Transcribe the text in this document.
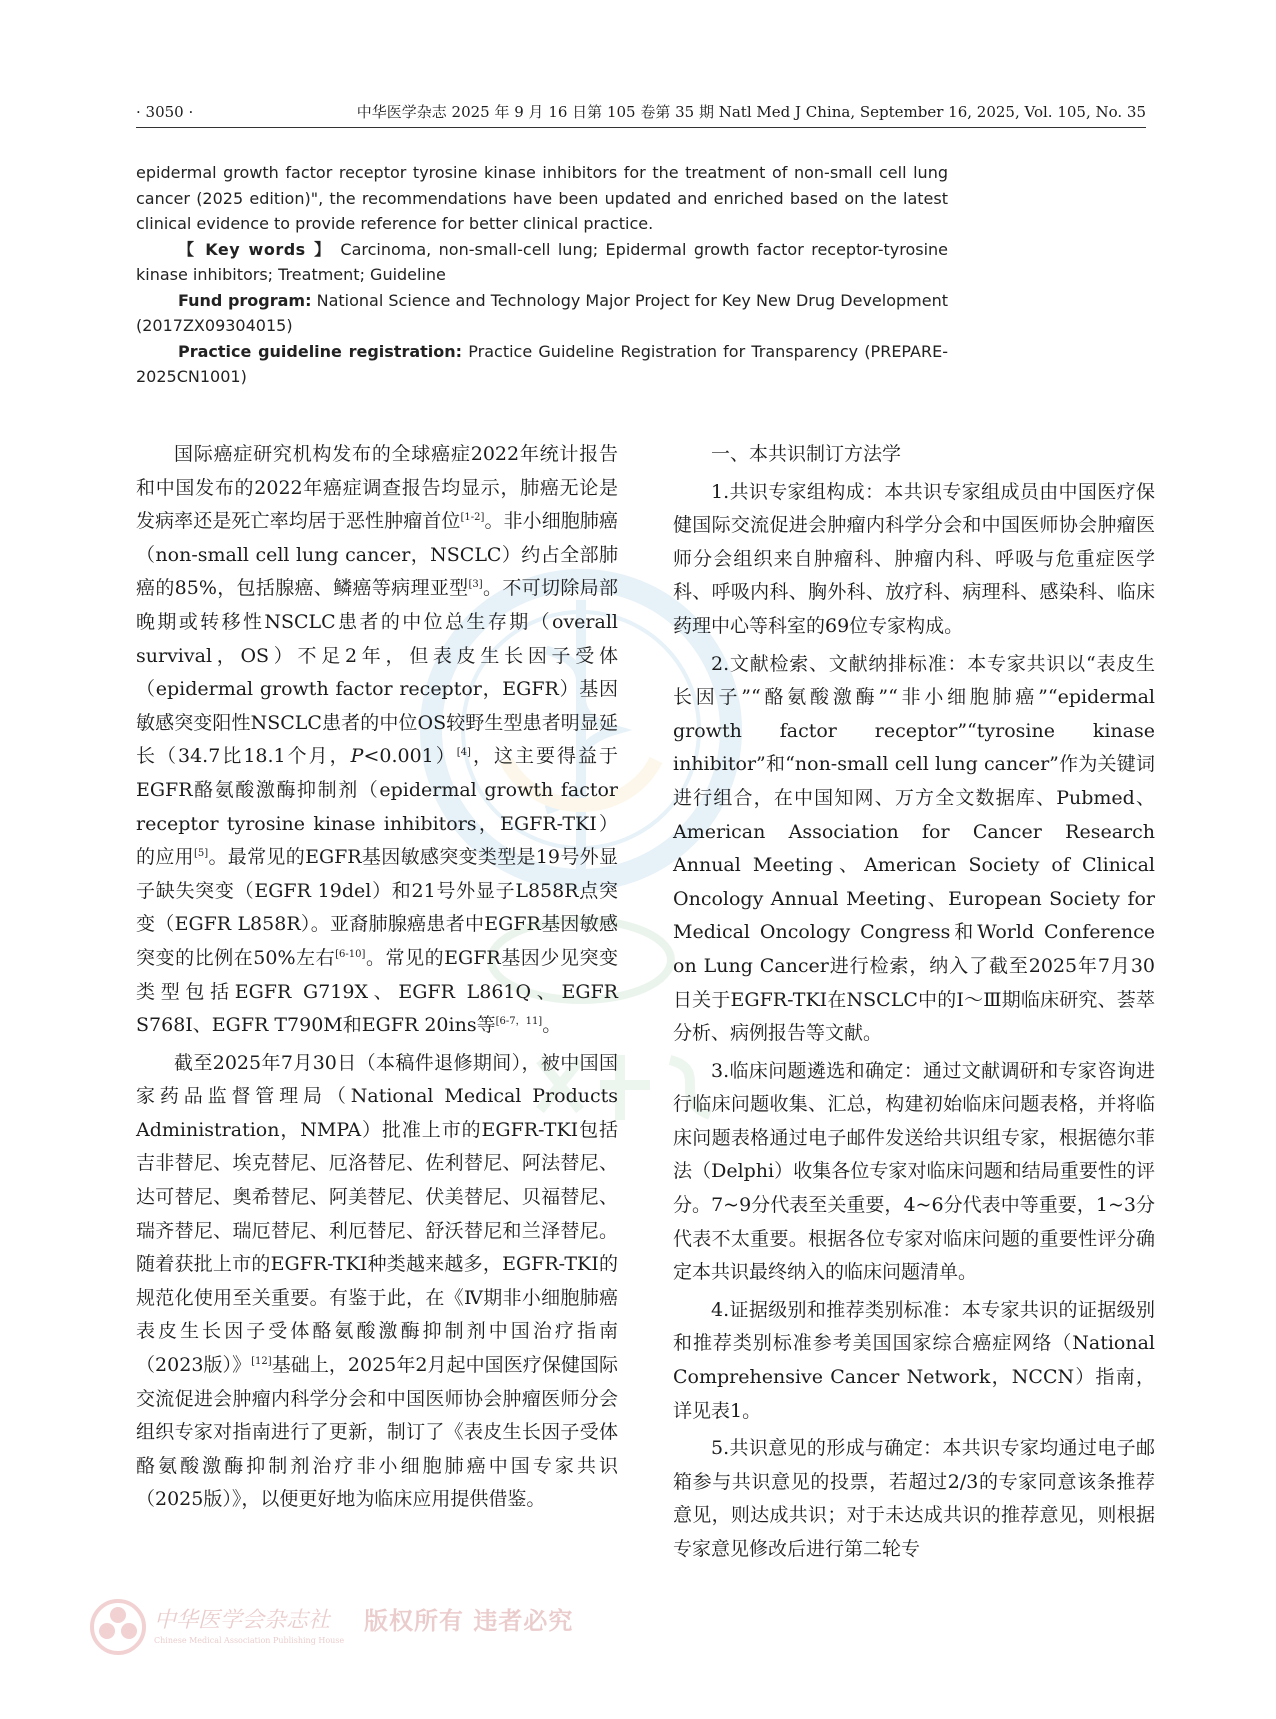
· 3050 ·	中华医学杂志 2025 年 9 月 16 日第 105 卷第 35 期 Natl Med J China, September 16, 2025, Vol. 105, No. 35

epidermal growth factor receptor tyrosine kinase inhibitors for the treatment of non-small cell lung cancer (2025 edition)", the recommendations have been updated and enriched based on the latest clinical evidence to provide reference for better clinical practice.

【 Key words 】 Carcinoma, non-small-cell lung; Epidermal growth factor receptor-tyrosine kinase inhibitors; Treatment; Guideline

Fund program: National Science and Technology Major Project for Key New Drug Development (2017ZX09304015)

Practice guideline registration: Practice Guideline Registration for Transparency (PREPARE-2025CN1001)

国际癌症研究机构发布的全球癌症2022年统计报告和中国发布的2022年癌症调查报告均显示，肺癌无论是发病率还是死亡率均居于恶性肿瘤首位[1-2]。非小细胞肺癌（non-small cell lung cancer，NSCLC）约占全部肺癌的85%，包括腺癌、鳞癌等病理亚型[3]。不可切除局部晚期或转移性NSCLC患者的中位总生存期（overall survival，OS）不足2年，但表皮生长因子受体（epidermal growth factor receptor，EGFR）基因敏感突变阳性NSCLC患者的中位OS较野生型患者明显延长（34.7比18.1个月，P<0.001）[4]，这主要得益于EGFR酪氨酸激酶抑制剂（epidermal growth factor receptor tyrosine kinase inhibitors，EGFR-TKI）的应用[5]。最常见的EGFR基因敏感突变类型是19号外显子缺失突变（EGFR 19del）和21号外显子L858R点突变（EGFR L858R）。亚裔肺腺癌患者中EGFR基因敏感突变的比例在50%左右[6-10]。常见的EGFR基因少见突变类型包括EGFR G719X、EGFR L861Q、EGFR S768I、EGFR T790M和EGFR 20ins等[6-7，11]。

截至2025年7月30日（本稿件退修期间），被中国国家药品监督管理局（National Medical Products Administration，NMPA）批准上市的EGFR-TKI包括吉非替尼、埃克替尼、厄洛替尼、佐利替尼、阿法替尼、达可替尼、奥希替尼、阿美替尼、伏美替尼、贝福替尼、瑞齐替尼、瑞厄替尼、利厄替尼、舒沃替尼和兰泽替尼。随着获批上市的EGFR-TKI种类越来越多，EGFR-TKI的规范化使用至关重要。有鉴于此，在《Ⅳ期非小细胞肺癌表皮生长因子受体酪氨酸激酶抑制剂中国治疗指南（2023版）》[12]基础上，2025年2月起中国医疗保健国际交流促进会肿瘤内科学分会和中国医师协会肿瘤医师分会组织专家对指南进行了更新，制订了《表皮生长因子受体酪氨酸激酶抑制剂治疗非小细胞肺癌中国专家共识（2025版）》，以便更好地为临床应用提供借鉴。

一、本共识制订方法学

1.共识专家组构成：本共识专家组成员由中国医疗保健国际交流促进会肿瘤内科学分会和中国医师协会肿瘤医师分会组织来自肿瘤科、肿瘤内科、呼吸与危重症医学科、呼吸内科、胸外科、放疗科、病理科、感染科、临床药理中心等科室的69位专家构成。

2.文献检索、文献纳排标准：本专家共识以“表皮生长因子”“酪氨酸激酶”“非小细胞肺癌”“epidermal growth factor receptor”“tyrosine kinase inhibitor”和“non-small cell lung cancer”作为关键词进行组合，在中国知网、万方全文数据库、Pubmed、American Association for Cancer Research Annual Meeting、American Society of Clinical Oncology Annual Meeting、European Society for Medical Oncology Congress和World Conference on Lung Cancer进行检索，纳入了截至2025年7月30日关于EGFR-TKI在NSCLC中的Ⅰ～Ⅲ期临床研究、荟萃分析、病例报告等文献。

3.临床问题遴选和确定：通过文献调研和专家咨询进行临床问题收集、汇总，构建初始临床问题表格，并将临床问题表格通过电子邮件发送给共识组专家，根据德尔菲法（Delphi）收集各位专家对临床问题和结局重要性的评分。7~9分代表至关重要，4~6分代表中等重要，1~3分代表不太重要。根据各位专家对临床问题的重要性评分确定本共识最终纳入的临床问题清单。

4.证据级别和推荐类别标准：本专家共识的证据级别和推荐类别标准参考美国国家综合癌症网络（National Comprehensive Cancer Network，NCCN）指南，详见表1。

5.共识意见的形成与确定：本共识专家均通过电子邮箱参与共识意见的投票，若超过2/3的专家同意该条推荐意见，则达成共识；对于未达成共识的推荐意见，则根据专家意见修改后进行第二轮专

中华医学会杂志社 版权所有 违者必究
Chinese Medical Association Publishing House
